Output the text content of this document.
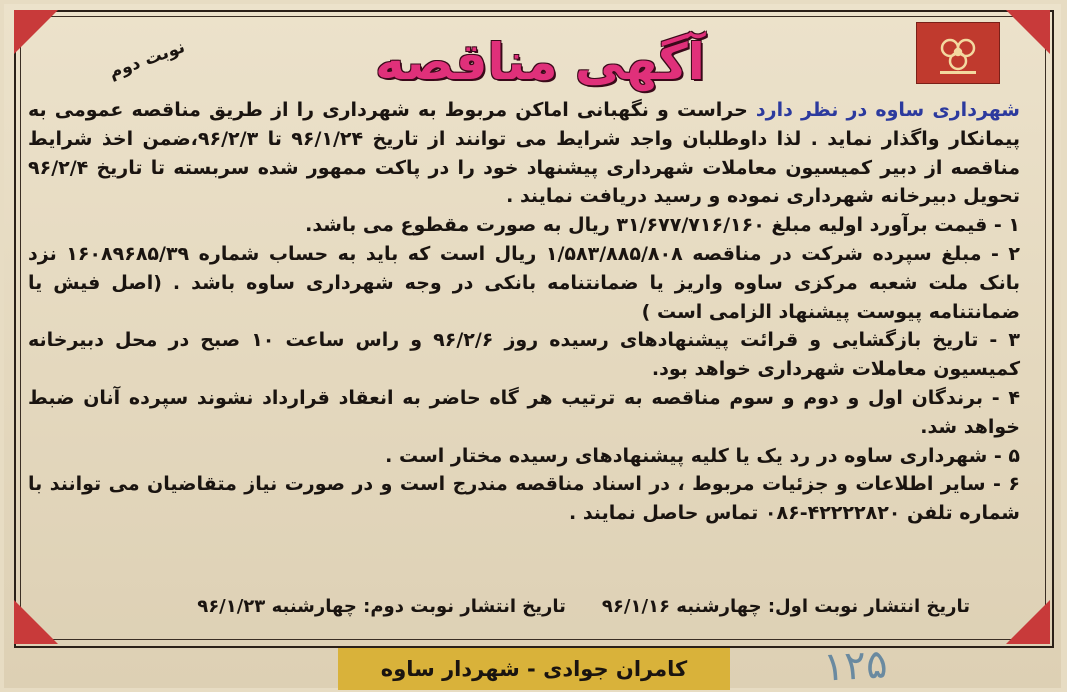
آگهی مناقصه
نوبت دوم

شهرداری ساوه در نظر دارد حراست و نگهبانی اماکن مربوط به شهرداری را از طریق مناقصه عمومی به پیمانکار واگذار نماید . لذا داوطلبان واجد شرایط می توانند از تاریخ ۹۶/۱/۲۴ تا ۹۶/۲/۳،ضمن اخذ شرایط مناقصه از دبیر کمیسیون معاملات شهرداری پیشنهاد خود را در پاکت ممهور شده سربسته تا تاریخ ۹۶/۲/۴ تحویل دبیرخانه شهرداری نموده و رسید دریافت نمایند .

۱ - قیمت برآورد اولیه مبلغ ۳۱/۶۷۷/۷۱۶/۱۶۰ ریال به صورت مقطوع می باشد.

۲ - مبلغ سپرده شرکت در مناقصه ۱/۵۸۳/۸۸۵/۸۰۸ ریال است که باید به حساب شماره ۱۶۰۸۹۶۸۵/۳۹ نزد بانک ملت شعبه مرکزی ساوه واریز یا ضمانتنامه بانکی در وجه شهرداری ساوه باشد . (اصل فیش یا ضمانتنامه پیوست پیشنهاد الزامی است )

۳ - تاریخ بازگشایی و قرائت پیشنهادهای رسیده روز ۹۶/۲/۶ و راس ساعت ۱۰ صبح در محل دبیرخانه کمیسیون معاملات شهرداری خواهد بود.

۴ - برندگان اول و دوم و سوم مناقصه به ترتیب هر گاه حاضر به انعقاد قرارداد نشوند سپرده آنان ضبط خواهد شد.

۵ - شهرداری ساوه در رد یک یا کلیه پیشنهادهای رسیده مختار است .

۶ - سایر اطلاعات و جزئیات مربوط ، در اسناد مناقصه مندرج است و در صورت نیاز متقاضیان می توانند با شماره تلفن ۴۲۲۲۲۸۲۰-۰۸۶ تماس حاصل نمایند .

تاریخ انتشار نوبت اول: چهارشنبه ۹۶/۱/۱۶تاریخ انتشار نوبت دوم: چهارشنبه ۹۶/۱/۲۳
کامران جوادی - شهردار ساوه	۱۲۵
